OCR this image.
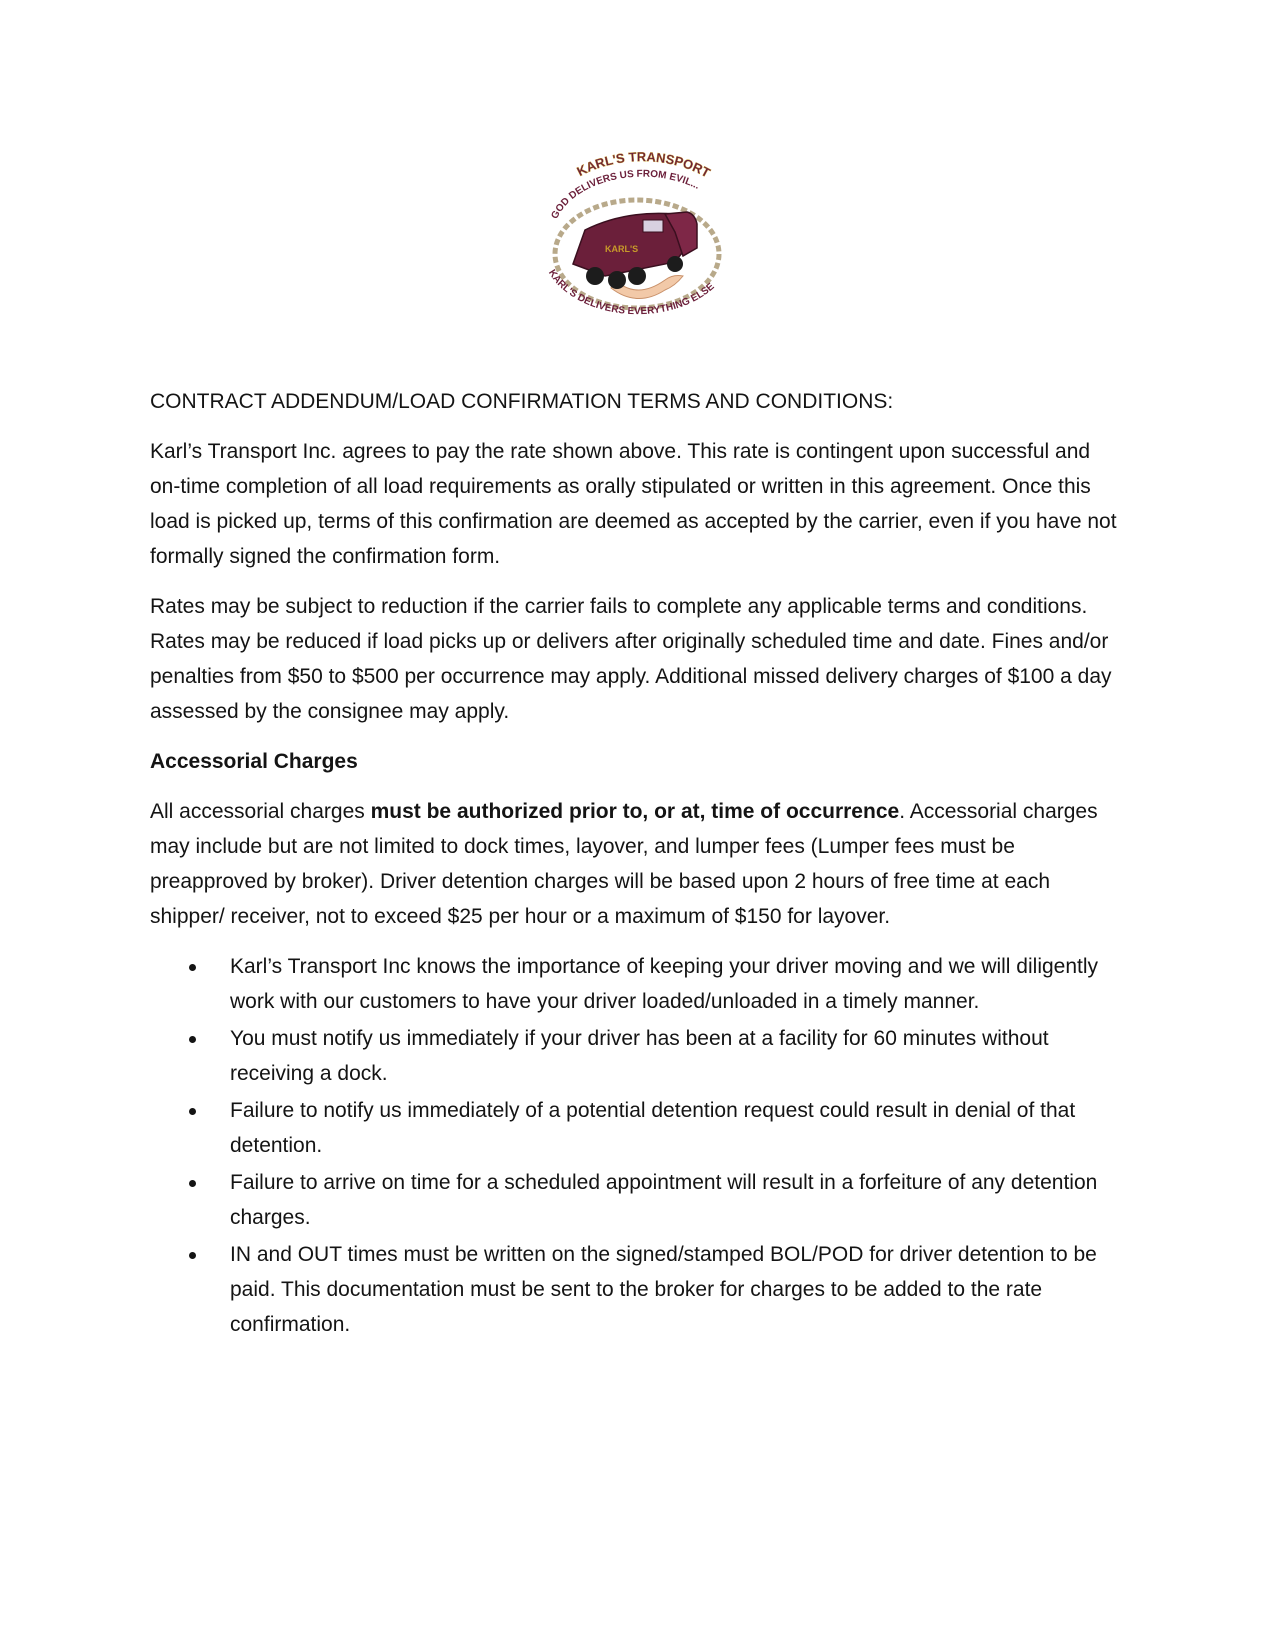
KARL'S
KARL'S TRANSPORT
GOD DELIVERS US FROM EVIL...
KARL'S DELIVERS EVERYTHING ELSE
CONTRACT ADDENDUM/LOAD CONFIRMATION TERMS AND CONDITIONS:

Karl’s Transport Inc. agrees to pay the rate shown above. This rate is contingent upon successful and on-time completion of all load requirements as orally stipulated or written in this agreement. Once this load is picked up, terms of this confirmation are deemed as accepted by the carrier, even if you have not formally signed the confirmation form.

Rates may be subject to reduction if the carrier fails to complete any applicable terms and conditions. Rates may be reduced if load picks up or delivers after originally scheduled time and date. Fines and/or penalties from $50 to $500 per occurrence may apply. Additional missed delivery charges of $100 a day assessed by the consignee may apply.

Accessorial Charges

All accessorial charges must be authorized prior to, or at, time of occurrence. Accessorial charges may include but are not limited to dock times, layover, and lumper fees (Lumper fees must be preapproved by broker). Driver detention charges will be based upon 2 hours of free time at each shipper/ receiver, not to exceed $25 per hour or a maximum of $150 for layover.

Karl’s Transport Inc knows the importance of keeping your driver moving and we will diligently work with our customers to have your driver loaded/unloaded in a timely manner.
You must notify us immediately if your driver has been at a facility for 60 minutes without receiving a dock.
Failure to notify us immediately of a potential detention request could result in denial of that detention.
Failure to arrive on time for a scheduled appointment will result in a forfeiture of any detention charges.
IN and OUT times must be written on the signed/stamped BOL/POD for driver detention to be paid. This documentation must be sent to the broker for charges to be added to the rate confirmation.
